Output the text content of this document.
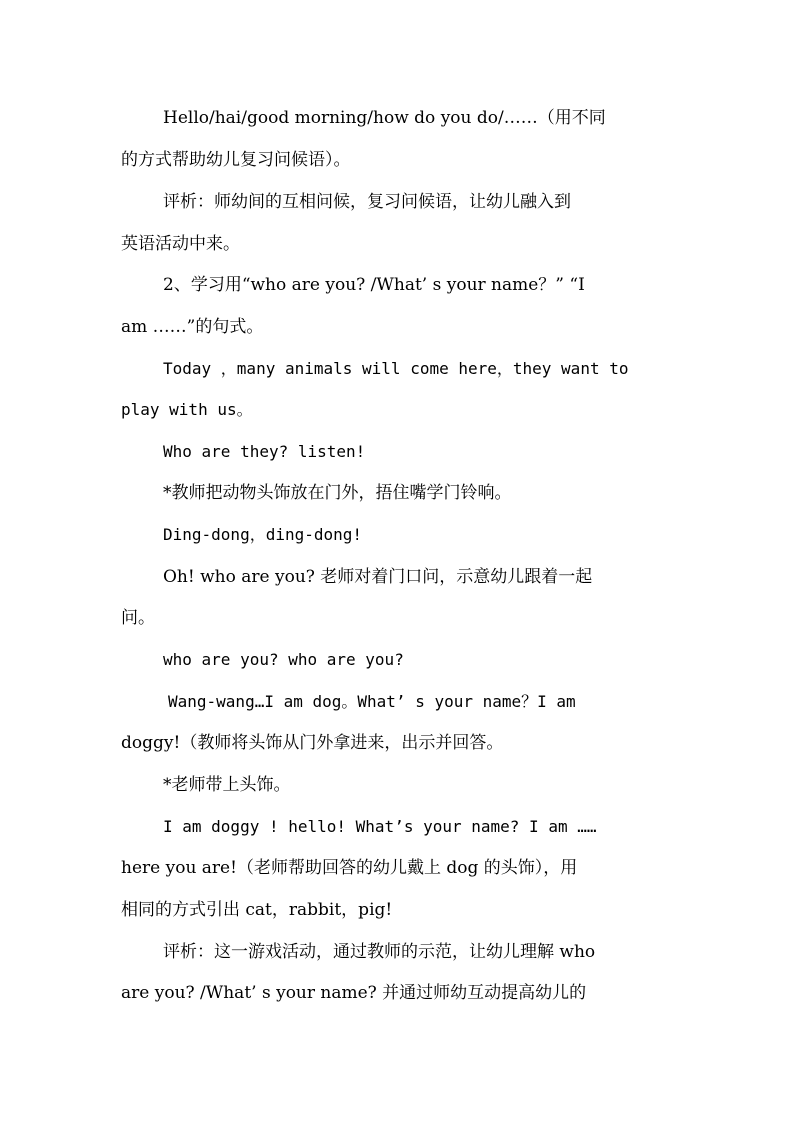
Hello/hai/good morning/how do you do/……（用不同
的方式帮助幼儿复习问候语）。
评析：师幼间的互相问候，复习问候语，让幼儿融入到
英语活动中来。
2、学习用“who are you? /What’ s your name？” “I
am ……”的句式。
Today ，many animals will come here，they want to
play with us。
Who are they? listen!
*教师把动物头饰放在门外，捂住嘴学门铃响。
Ding-dong，ding-dong!
Oh! who are you? 老师对着门口问，示意幼儿跟着一起
问。
who are you? who are you?
Wang-wang…I am dog。What’ s your name？I am
doggy!（教师将头饰从门外拿进来，出示并回答。
*老师带上头饰。
I am doggy ! hello! What’s your name? I am ……
here you are!（老师帮助回答的幼儿戴上 dog 的头饰），用
相同的方式引出 cat，rabbit，pig!
评析：这一游戏活动，通过教师的示范，让幼儿理解 who
are you? /What’ s your name? 并通过师幼互动提高幼儿的
